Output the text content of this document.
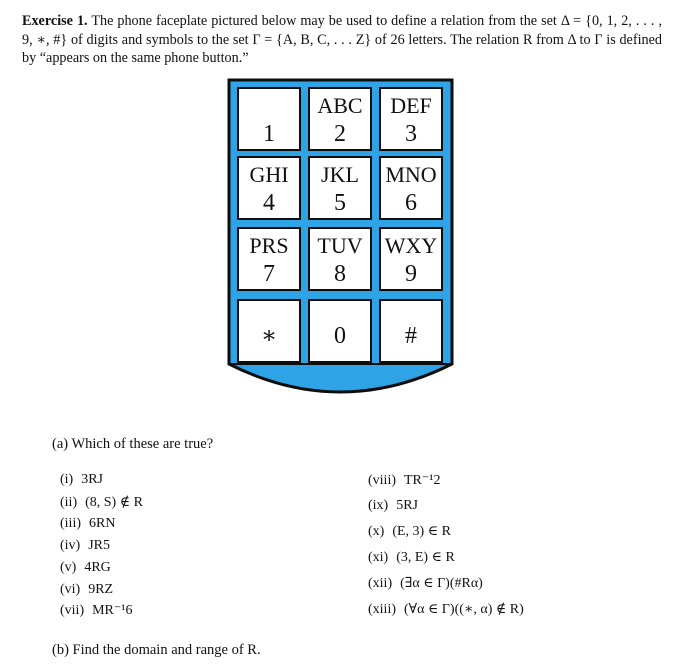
Exercise 1. The phone faceplate pictured below may be used to define a relation from the set Δ = {0, 1, 2, . . . , 9, ∗, #} of digits and symbols to the set Γ = {A, B, C, . . . Z} of 26 letters. The relation R from Δ to Γ is defined by “appears on the same phone button.”
1
ABC
2
DEF
3
GHI
4
JKL
5
MNO
6
PRS
7
TUV
8
WXY
9
∗ 0 #
(a) Which of these are true?
(i) 3RJ
(ii) (8, S) ∉ R
(iii) 6RN
(iv) JR5
(v) 4RG
(vi) 9RZ
(vii) MR⁻¹6
(viii) TR⁻¹2
(ix) 5RJ
(x) (E, 3) ∈ R
(xi) (3, E) ∈ R
(xii) (∃α ∈ Γ)(#Rα)
(xiii) (∀α ∈ Γ)((∗, α) ∉ R)
(b) Find the domain and range of R.
